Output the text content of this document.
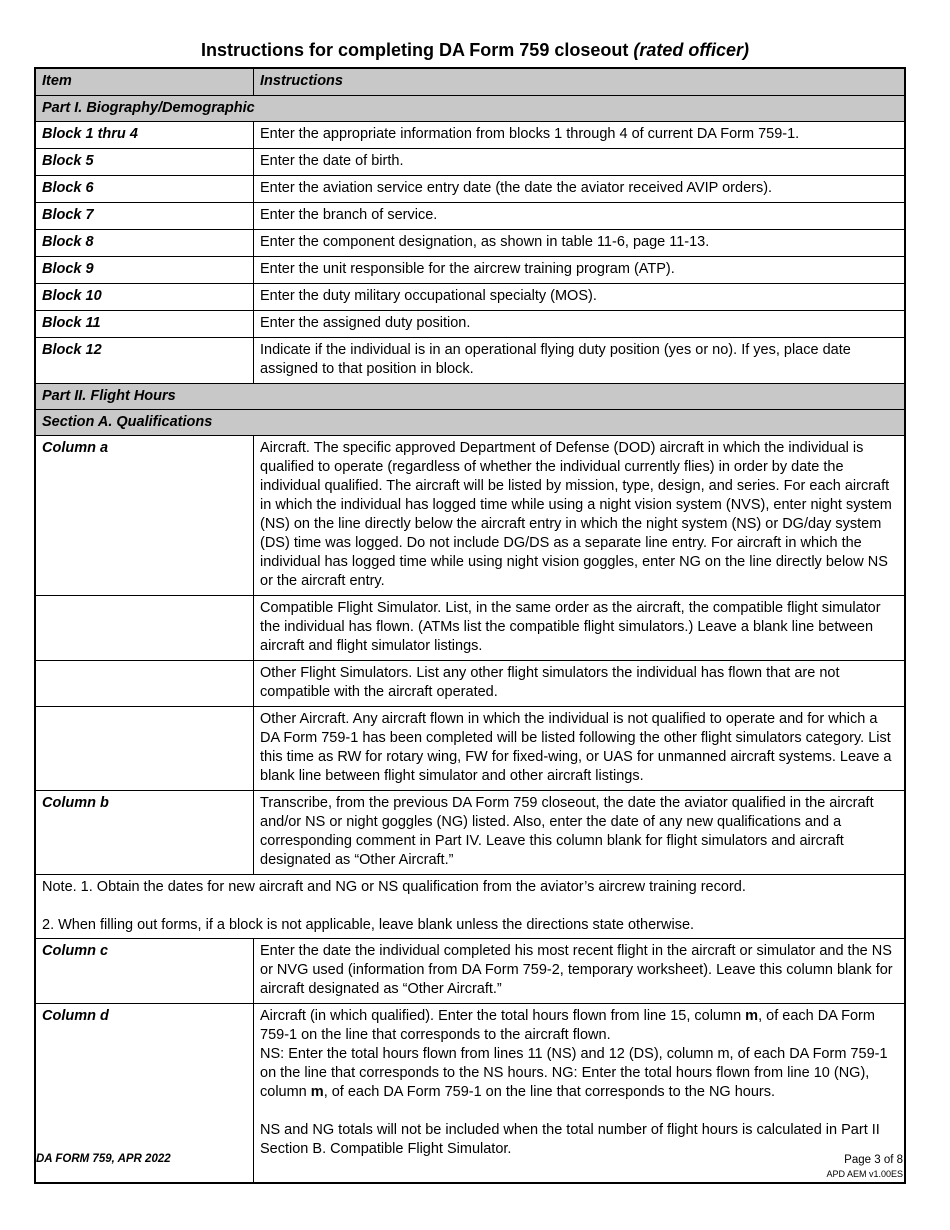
Instructions for completing DA Form 759 closeout (rated officer)
Item	Instructions
Part I. Biography/Demographic
Block 1 thru 4	Enter the appropriate information from blocks 1 through 4 of current DA Form 759-1.
Block 5	Enter the date of birth.
Block 6	Enter the aviation service entry date (the date the aviator received AVIP orders).
Block 7	Enter the branch of service.
Block 8	Enter the component designation, as shown in table 11-6, page 11-13.
Block 9	Enter the unit responsible for the aircrew training program (ATP).
Block 10	Enter the duty military occupational specialty (MOS).
Block 11	Enter the assigned duty position.
Block 12	Indicate if the individual is in an operational flying duty position (yes or no). If yes, place date assigned to that position in block.
Part II. Flight Hours
Section A. Qualifications
Column a	Aircraft. The specific approved Department of Defense (DOD) aircraft in which the individual is qualified to operate (regardless of whether the individual currently flies) in order by date the individual qualified. The aircraft will be listed by mission, type, design, and series. For each aircraft in which the individual has logged time while using a night vision system (NVS), enter night system (NS) on the line directly below the aircraft entry in which the night system (NS) or DG/day system (DS) time was logged. Do not include DG/DS as a separate line entry. For aircraft in which the individual has logged time while using night vision goggles, enter NG on the line directly below NS or the aircraft entry.
Compatible Flight Simulator. List, in the same order as the aircraft, the compatible flight simulator the individual has flown. (ATMs list the compatible flight simulators.) Leave a blank line between aircraft and flight simulator listings.
Other Flight Simulators. List any other flight simulators the individual has flown that are not compatible with the aircraft operated.
Other Aircraft. Any aircraft flown in which the individual is not qualified to operate and for which a DA Form 759-1 has been completed will be listed following the other flight simulators category. List this time as RW for rotary wing, FW for fixed-wing, or UAS for unmanned aircraft systems. Leave a blank line between flight simulator and other aircraft listings.
Column b	Transcribe, from the previous DA Form 759 closeout, the date the aviator qualified in the aircraft and/or NS or night goggles (NG) listed. Also, enter the date of any new qualifications and a corresponding comment in Part IV. Leave this column blank for flight simulators and aircraft designated as “Other Aircraft.”

Note. 1. Obtain the dates for new aircraft and NG or NS qualification from the aviator’s aircrew training record.

2. When filling out forms, if a block is not applicable, leave blank unless the directions state otherwise.

Column c	Enter the date the individual completed his most recent flight in the aircraft or simulator and the NS or NVG used (information from DA Form 759-2, temporary worksheet). Leave this column blank for aircraft designated as “Other Aircraft.”
Column d	Aircraft (in which qualified). Enter the total hours flown from line 15, column m, of each DA Form 759-1 on the line that corresponds to the aircraft flown.

NS: Enter the total hours flown from lines 11 (NS) and 12 (DS), column m, of each DA Form 759-1 on the line that corresponds to the NS hours. NG: Enter the total hours flown from line 10 (NG), column m, of each DA Form 759-1 on the line that corresponds to the NG hours.

NS and NG totals will not be included when the total number of flight hours is calculated in Part II Section B. Compatible Flight Simulator.

DA FORM 759, APR 2022	Page 3 of 8
APD AEM v1.00ES
